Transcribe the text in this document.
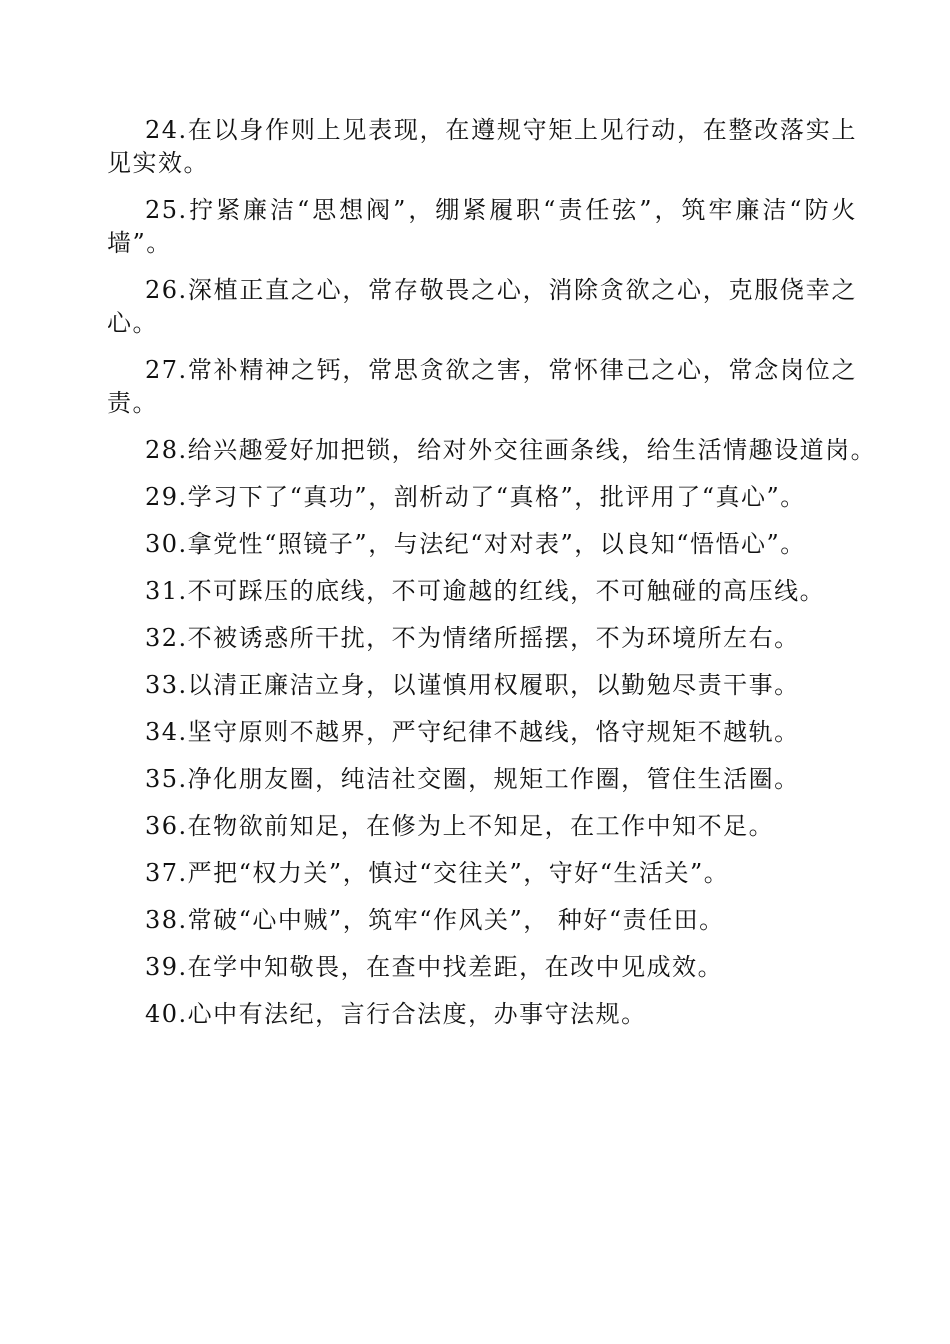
24.在以身作则上见表现，在遵规守矩上见行动，在整改落实上见实效。

25.拧紧廉洁“思想阀”，绷紧履职“责任弦”，筑牢廉洁“防火墙”。

26.深植正直之心，常存敬畏之心，消除贪欲之心，克服侥幸之心。

27.常补精神之钙，常思贪欲之害，常怀律己之心，常念岗位之责。

28.给兴趣爱好加把锁，给对外交往画条线，给生活情趣设道岗。

29.学习下了“真功”，剖析动了“真格”，批评用了“真心”。

30.拿党性“照镜子”，与法纪“对对表”，以良知“悟悟心”。

31.不可踩压的底线，不可逾越的红线，不可触碰的高压线。

32.不被诱惑所干扰，不为情绪所摇摆，不为环境所左右。

33.以清正廉洁立身，以谨慎用权履职，以勤勉尽责干事。

34.坚守原则不越界，严守纪律不越线，恪守规矩不越轨。

35.净化朋友圈，纯洁社交圈，规矩工作圈，管住生活圈。

36.在物欲前知足，在修为上不知足，在工作中知不足。

37.严把“权力关”，慎过“交往关”，守好“生活关”。

38.常破“心中贼”，筑牢“作风关”， 种好“责任田。

39.在学中知敬畏，在查中找差距，在改中见成效。

40.心中有法纪，言行合法度，办事守法规。
